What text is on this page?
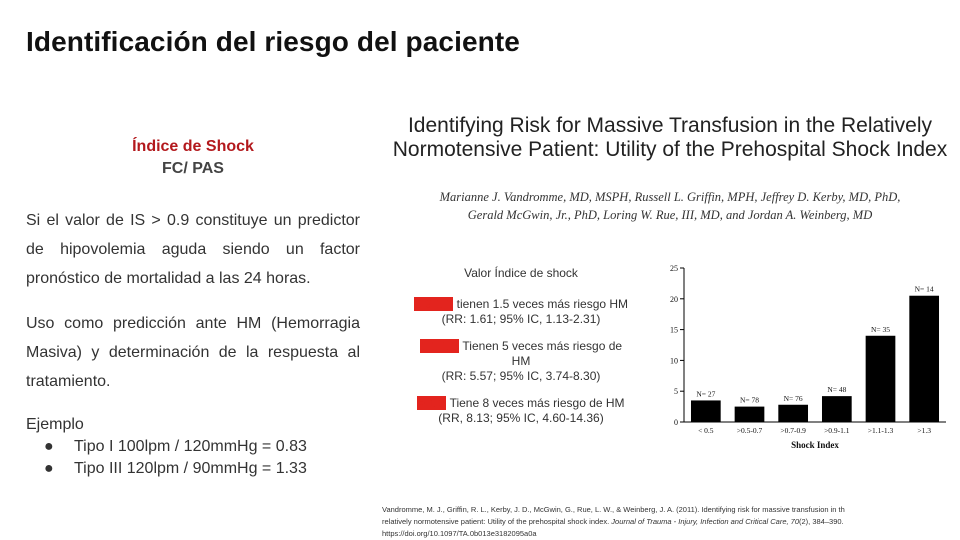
Identificación del riesgo del paciente
Índice de Shock
FC/ PAS

Si el valor de IS > 0.9 constituye un predictor de hipovolemia aguda siendo un factor pronóstico de mortalidad a las 24 horas.

Uso como predicción ante HM (Hemorragia Masiva) y determinación de la respuesta al tratamiento.

Ejemplo
● Tipo I 100lpm / 120mmHg = 0.83
● Tipo III 120lpm / 90mmHg = 1.33
Identifying Risk for Massive Transfusion in the Relatively
Normotensive Patient: Utility of the Prehospital Shock Index
Marianne J. Vandromme, MD, MSPH, Russell L. Griffin, MPH, Jeffrey D. Kerby, MD, PhD,
Gerald McGwin, Jr., PhD, Loring W. Rue, III, MD, and Jordan A. Weinberg, MD
Valor Índice de shock
0.9-1.1 tienen 1.5 veces más riesgo HM
(RR: 1.61; 95% IC, 1.13-2.31)
1.1-1.3 Tienen 5 veces más riesgo de
HM
(RR: 5.57; 95% IC, 3.74-8.30)
> 1.3 Tiene 8 veces más riesgo de HM
(RR, 8.13; 95% IC, 4.60-14.36)	0
5
10
15
20
25
N= 27
< 0.5
N= 78
>0.5-0.7
N= 76
>0.7-0.9
N= 48
>0.9-1.1
N= 35
>1.1-1.3
N= 14
>1.3
Shock Index
Vandromme, M. J., Griffin, R. L., Kerby, J. D., McGwin, G., Rue, L. W., & Weinberg, J. A. (2011). Identifying risk for massive transfusion in th
relatively normotensive patient: Utility of the prehospital shock index. Journal of Trauma - Injury, Infection and Critical Care, 70(2), 384–390.
https://doi.org/10.1097/TA.0b013e3182095a0a
